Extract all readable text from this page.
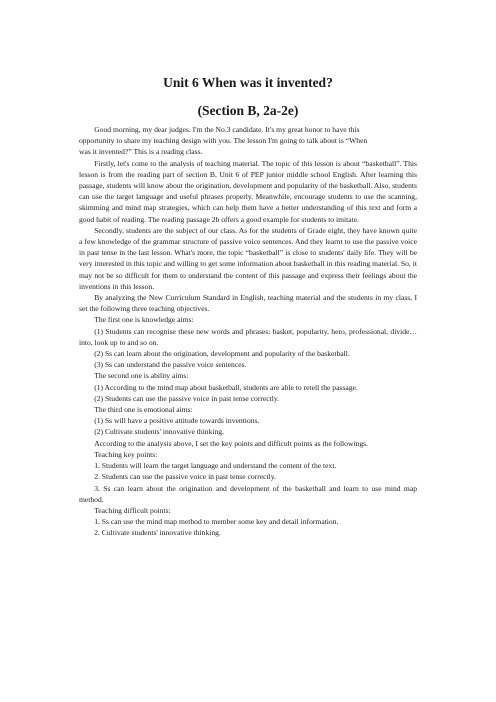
Unit 6 When was it invented?
(Section B, 2a-2e)

Good morning, my dear judges. I'm the No.3 candidate. It's my great honor to have this

opportunity to share my teaching design with you. The lesson I'm going to talk about is “When

was it invented?” This is a reading class.

Firstly, let's come to the analysis of teaching material. The topic of this lesson is about “basketball”. This lesson is from the reading part of section B, Unit 6 of PEP junior middle school English. After learning this passage, students will know about the origination, development and popularity of the basketball. Also, students can use the target language and useful phrases properly. Meanwhile, encourage students to use the scanning, skimming and mind map strategies, which can help them have a better understanding of this text and form a good habit of reading. The reading passage 2b offers a good example for students to imitate.

Secondly, students are the subject of our class. As for the students of Grade eight, they have known quite a few knowledge of the grammar structure of passive voice sentences. And they learnt to use the passive voice in past tense in the last lesson. What's more, the topic “basketball” is close to students' daily life. They will be very interested in this topic and willing to get some information about basketball in this reading material. So, it may not be so difficult for them to understand the content of this passage and express their feelings about the inventions in this lesson.

By analyzing the New Curriculum Standard in English, teaching material and the students in my class, I set the following three teaching objectives.

The first one is knowledge aims:

(1) Students can recognise these new words and phrases: basket, popularity, hero, professional, divide…into, look up to and so on.

(2) Ss can learn about the origination, development and popularity of the basketball.

(3) Ss can understand the passive voice sentences.

The second one is ability aims:

(1) According to the mind map about basketball, students are able to retell the passage.

(2) Students can use the passive voice in past tense correctly.

The third one is emotional aims:

(1) Ss will have a positive attitude towards inventions.

(2) Cultivate students' innovative thinking.

According to the analysis above, I set the key points and difficult points as the followings.

Teaching key points:

1. Students will learn the target language and understand the content of the text.

2. Students can use the passive voice in past tense correctly.

3. Ss can learn about the origination and development of the basketball and learn to use mind map method.

Teaching difficult points:

1. Ss can use the mind map method to member some key and detail information.

2. Cultivate students' innovative thinking.
